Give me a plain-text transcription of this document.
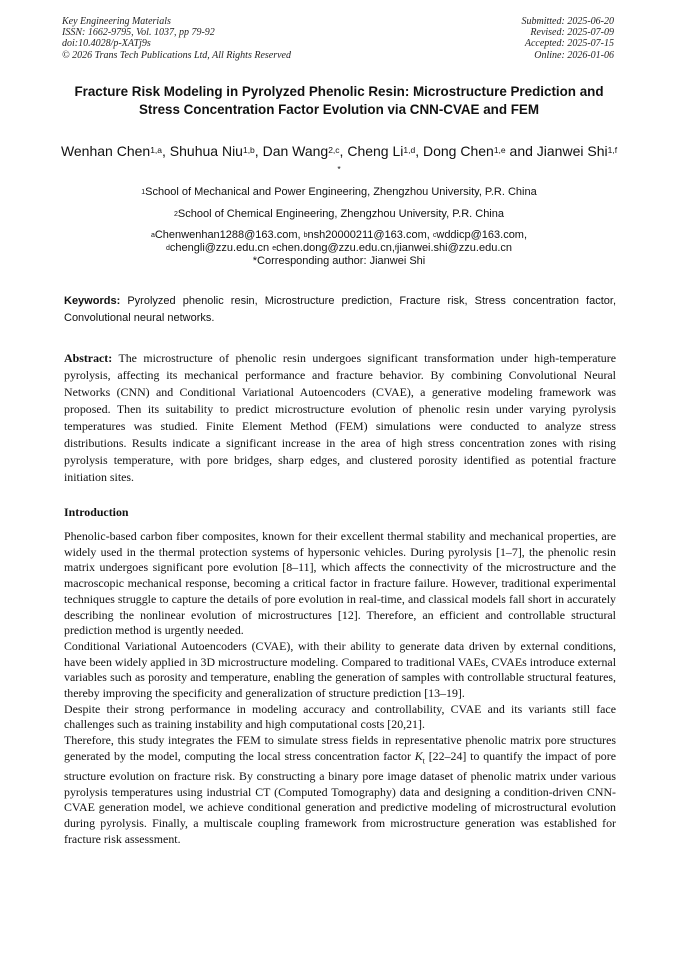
Key Engineering Materials
ISSN: 1662-9795, Vol. 1037, pp 79-92
doi:10.4028/p-XATj9s
© 2026 Trans Tech Publications Ltd, All Rights Reserved
Submitted: 2025-06-20
Revised: 2025-07-09
Accepted: 2025-07-15
Online: 2026-01-06
Fracture Risk Modeling in Pyrolyzed Phenolic Resin: Microstructure Prediction and Stress Concentration Factor Evolution via CNN-CVAE and FEM
Wenhan Chen$^{1,a}$, Shuhua Niu$^{1,b}$, Dan Wang$^{2,c}$, Cheng Li$^{1,d}$, Dong Chen$^{1,e}$ and Jianwei Shi$^{1,f *}$
$^1$School of Mechanical and Power Engineering, Zhengzhou University, P.R. China
$^2$School of Chemical Engineering, Zhengzhou University, P.R. China
$^a$Chenwenhan1288@163.com, $^b$nsh20000211@163.com, $^c$wddicp@163.com,
$^d$chengli@zzu.edu.cn $^e$chen.dong@zzu.edu.cn,$^f$jianwei.shi@zzu.edu.cn
*Corresponding author: Jianwei Shi
Keywords: Pyrolyzed phenolic resin, Microstructure prediction, Fracture risk, Stress concentration factor, Convolutional neural networks.
Abstract: The microstructure of phenolic resin undergoes significant transformation under high-temperature pyrolysis, affecting its mechanical performance and fracture behavior. By combining Convolutional Neural Networks (CNN) and Conditional Variational Autoencoders (CVAE), a generative modeling framework was proposed. Then its suitability to predict microstructure evolution of phenolic resin under varying pyrolysis temperatures was studied. Finite Element Method (FEM) simulations were conducted to analyze stress distributions. Results indicate a significant increase in the area of high stress concentration zones with rising pyrolysis temperature, with pore bridges, sharp edges, and clustered porosity identified as potential fracture initiation sites.
Introduction

Phenolic-based carbon fiber composites, known for their excellent thermal stability and mechanical properties, are widely used in the thermal protection systems of hypersonic vehicles. During pyrolysis [1–7], the phenolic resin matrix undergoes significant pore evolution [8–11], which affects the connectivity of the microstructure and the macroscopic mechanical response, becoming a critical factor in fracture failure. However, traditional experimental techniques struggle to capture the details of pore evolution in real-time, and classical models fall short in accurately describing the nonlinear evolution of microstructures [12]. Therefore, an efficient and controllable structural prediction method is urgently needed.

Conditional Variational Autoencoders (CVAE), with their ability to generate data driven by external conditions, have been widely applied in 3D microstructure modeling. Compared to traditional VAEs, CVAEs introduce external variables such as porosity and temperature, enabling the generation of samples with controllable structural features, thereby improving the specificity and generalization of structure prediction [13–19].

Despite their strong performance in modeling accuracy and controllability, CVAE and its variants still face challenges such as training instability and high computational costs [20,21].

Therefore, this study integrates the FEM to simulate stress fields in representative phenolic matrix pore structures generated by the model, computing the local stress concentration factor $K_t$ [22–24] to quantify the impact of pore structure evolution on fracture risk. By constructing a binary pore image dataset of phenolic matrix under various pyrolysis temperatures using industrial CT (Computed Tomography) data and designing a condition-driven CNN-CVAE generation model, we achieve conditional generation and predictive modeling of microstructural evolution during pyrolysis. Finally, a multiscale coupling framework from microstructure generation was established for fracture risk assessment.
